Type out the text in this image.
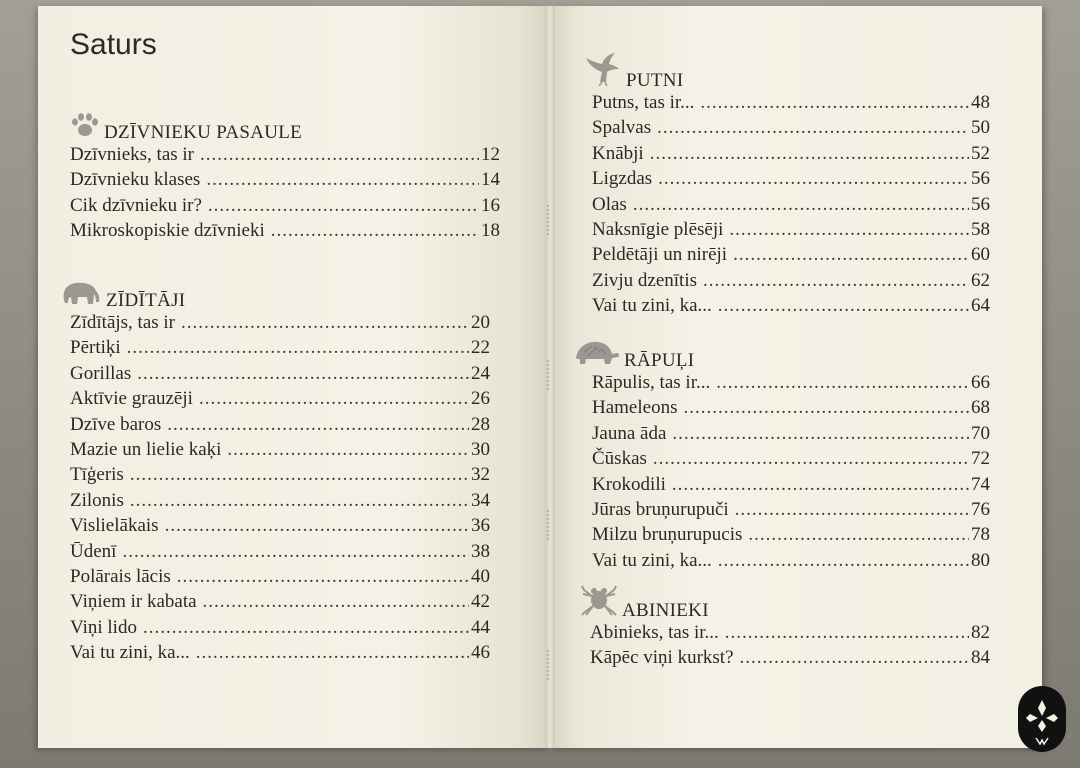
Saturs
DZĪVNIEKU PASAULE
Dzīvnieks, tas ir .....	12
Dzīvnieku klases .....	14
Cik dzīvnieku ir? .....	16
Mikroskopiskie dzīvnieki .....	18
ZĪDĪTĀJI
Zīdītājs, tas ir .....	20
Pērtiķi .....	22
Gorillas .....	24
Aktīvie grauzēji .....	26
Dzīve baros .....	28
Mazie un lielie kaķi .....	30
Tīģeris .....	32
Zilonis .....	34
Vislielākais .....	36
Ūdenī .....	38
Polārais lācis .....	40
Viņiem ir kabata .....	42
Viņi lido .....	44
Vai tu zini, ka... .....	46
PUTNI
Putns, tas ir... .....	48
Spalvas .....	50
Knābji .....	52
Ligzdas .....	56
Olas .....	56
Naksnīgie plēsēji .....	58
Peldētāji un nirēji .....	60
Zivju dzenītis .....	62
Vai tu zini, ka... .....	64
RĀPUĻI
Rāpulis, tas ir... .....	66
Hameleons .....	68
Jauna āda .....	70
Čūskas .....	72
Krokodili .....	74
Jūras bruņurupuči .....	76
Milzu bruņurupucis .....	78
Vai tu zini, ka... .....	80
ABINIEKI
Abinieks, tas ir... .....	82
Kāpēc viņi kurkst? .....	84
